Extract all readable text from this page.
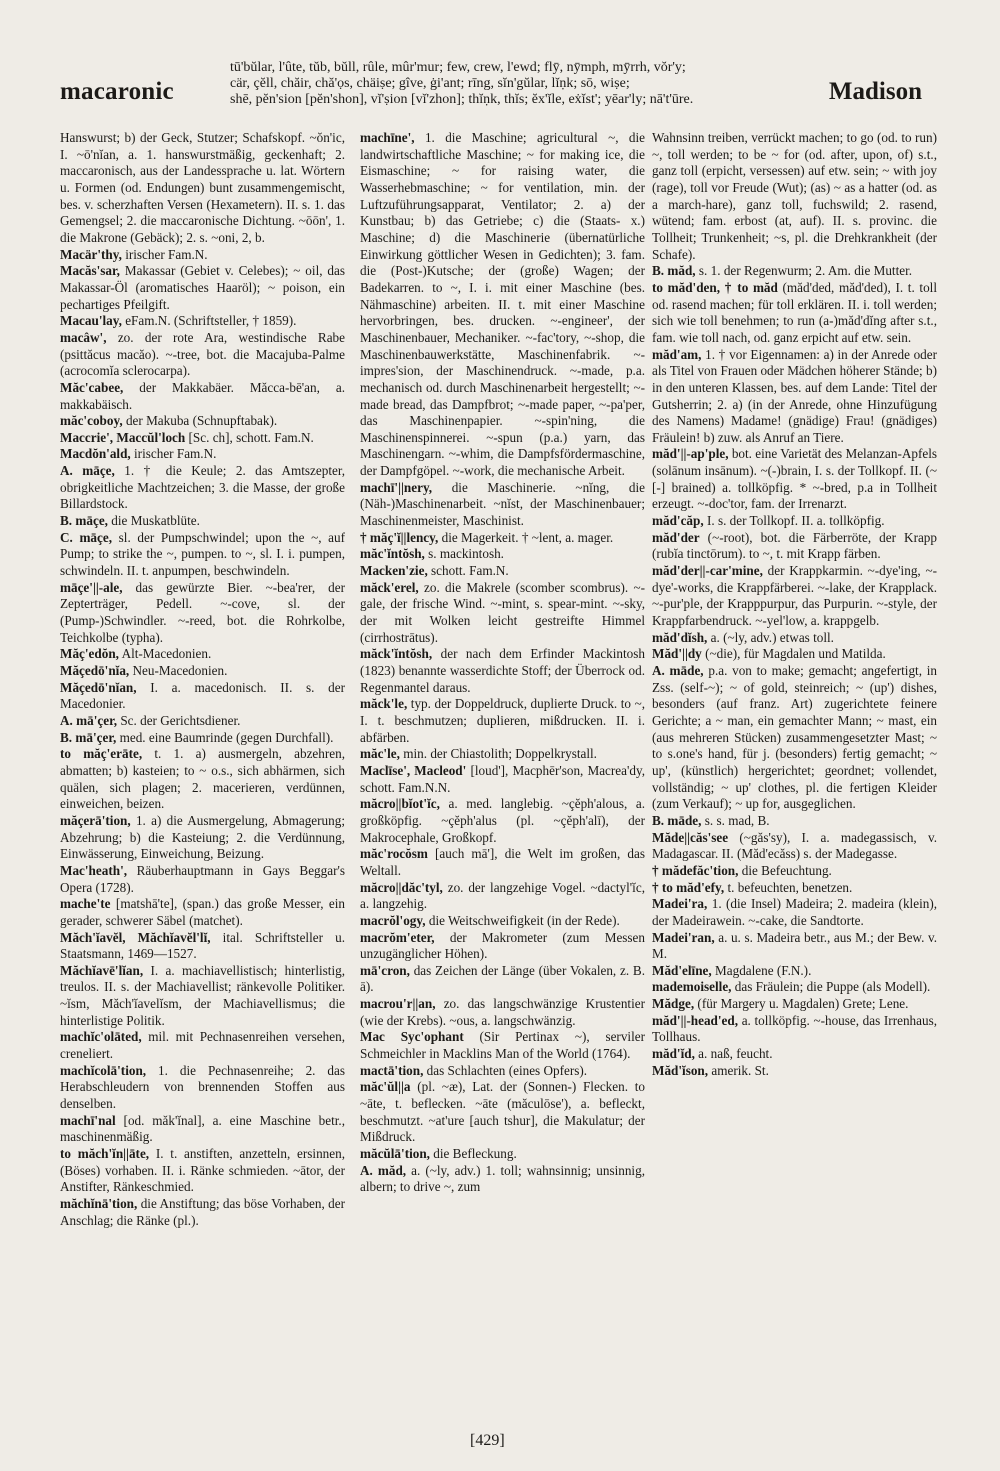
macaronic
tū'bŭlar, l'ûte, tŭb, bŭll, rûle, mûr'mur; few, crew, l'ewd; flȳ, nȳmph, mȳrrh, vŏr'y;
cär, çĕll, chăir, chă'ọs, chäiṣe; gîve, ġi'ant; rīng, sĭn'gŭlar, lĭṇk; sō, wiṣe;
shē, pĕn'sion [pĕn'shon], vĭ'ṣion [vĭ'zhon]; thĭṇk, thĭs; ĕx'ĭle, eẋĭst'; yēar'ly; nā't'ūre.	Madison

Hanswurst; b) der Geck, Stutzer; Schafskopf. ~ŏn'ic, I. ~ō'nĭan, a. 1. hanswurstmäßig, geckenhaft; 2. maccaronisch, aus der Landessprache u. lat. Wörtern u. Formen (od. Endungen) bunt zusammengemischt, bes. v. scherzhaften Versen (Hexametern). II. s. 1. das Gemengsel; 2. die maccaronische Dichtung. ~ōōn', 1. die Makrone (Gebäck); 2. s. ~oni, 2, b.

Macär'thy, irischer Fam.N.

Macăs'sar, Makassar (Gebiet v. Celebes); ~ oil, das Makassar-Öl (aromatisches Haaröl); ~ poison, ein pechartiges Pfeilgift.

Macau'lay, eFam.N. (Schriftsteller, † 1859).

macâw', zo. der rote Ara, westindische Rabe (psittăcus macăo). ~-tree, bot. die Macajuba-Palme (acrocomĭa sclerocarpa).

Măc'cabee, der Makkabäer. Măcca-bē'an, a. makkabäisch.

măc'coboy, der Makuba (Schnupftabak).

Maccrie', Maccŭl'loch [Sc. ch], schott. Fam.N.

Macdŏn'ald, irischer Fam.N.

A. māçe, 1. † die Keule; 2. das Amtszepter, obrigkeitliche Machtzeichen; 3. die Masse, der große Billardstock.

B. māçe, die Muskatblüte.

C. māçe, sl. der Pumpschwindel; upon the ~, auf Pump; to strike the ~, pumpen. to ~, sl. I. i. pumpen, schwindeln. II. t. anpumpen, beschwindeln.

māçe'||-ale, das gewürzte Bier. ~-bea'rer, der Zepterträger, Pedell. ~-cove, sl. der (Pump-)Schwindler. ~-reed, bot. die Rohrkolbe, Teichkolbe (typha).

Măç'edŏn, Alt-Macedonien.

Măçedō'nĭa, Neu-Macedonien.

Măçedō'nĭan, I. a. macedonisch. II. s. der Macedonier.

A. mā'çer, Sc. der Gerichtsdiener.

B. mā'çer, med. eine Baumrinde (gegen Durchfall).

to măç'erāte, t. 1. a) ausmergeln, abzehren, abmatten; b) kasteien; to ~ o.s., sich abhärmen, sich quälen, sich plagen; 2. macerieren, verdünnen, einweichen, beizen.

măçerā'tion, 1. a) die Ausmergelung, Abmagerung; Abzehrung; b) die Kasteiung; 2. die Verdünnung, Einwässerung, Einweichung, Beizung.

Mac'heath', Räuberhauptmann in Gays Beggar's Opera (1728).

mache'te [matshā'te], (span.) das große Messer, ein gerader, schwerer Säbel (matchet).

Măch'ĭavĕl, Măchĭavĕl'lĭ, ital. Schriftsteller u. Staatsmann, 1469—1527.

Măchĭavē'lĭan, I. a. machiavellistisch; hinterlistig, treulos. II. s. der Machiavellist; ränkevolle Politiker. ~ĭsm, Măch'ĭavelĭsm, der Machiavellismus; die hinterlistige Politik.

machĭc'olāted, mil. mit Pechnasenreihen versehen, creneliert.

machĭcolā'tion, 1. die Pechnasenreihe; 2. das Herabschleudern von brennenden Stoffen aus denselben.

machī'nal [od. măk'ĭnal], a. eine Maschine betr., maschinenmäßig.

to măch'ĭn||āte, I. t. anstiften, anzetteln, ersinnen, (Böses) vorhaben. II. i. Ränke schmieden. ~ātor, der Anstifter, Ränkeschmied.

măchĭnā'tion, die Anstiftung; das böse Vorhaben, der Anschlag; die Ränke (pl.).

machīne', 1. die Maschine; agricultural ~, die landwirtschaftliche Maschine; ~ for making ice, die Eismaschine; ~ for raising water, die Wasserhebmaschine; ~ for ventilation, min. der Luftzuführungsapparat, Ventilator; 2. a) der Kunstbau; b) das Getriebe; c) die (Staats- x.) Maschine; d) die Maschinerie (übernatürliche Einwirkung göttlicher Wesen in Gedichten); 3. fam. die (Post-)Kutsche; der (große) Wagen; der Badekarren. to ~, I. i. mit einer Maschine (bes. Nähmaschine) arbeiten. II. t. mit einer Maschine hervorbringen, bes. drucken. ~-engineer', der Maschinenbauer, Mechaniker. ~-fac'tory, ~-shop, die Maschinenbauwerkstätte, Maschinenfabrik. ~-impres'sion, der Maschinendruck. ~-made, p.a. mechanisch od. durch Maschinenarbeit hergestellt; ~-made bread, das Dampfbrot; ~-made paper, ~-pa'per, das Maschinenpapier. ~-spin'ning, die Maschinenspinnerei. ~-spun (p.a.) yarn, das Maschinengarn. ~-whim, die Dampfsfördermaschine, der Dampfgöpel. ~-work, die mechanische Arbeit.

machī'||nery, die Maschinerie. ~nĭng, die (Näh-)Maschinenarbeit. ~nĭst, der Maschinenbauer; Maschinenmeister, Maschinist.

† măç'ĭ||lency, die Magerkeit. † ~lent, a. mager.

măc'ĭntŏsh, s. mackintosh.

Macken'zie, schott. Fam.N.

măck'erel, zo. die Makrele (scomber scombrus). ~-gale, der frische Wind. ~-mint, s. spear-mint. ~-sky, der mit Wolken leicht gestreifte Himmel (cirrhostrātus).

măck'ĭntŏsh, der nach dem Erfinder Mackintosh (1823) benannte wasserdichte Stoff; der Überrock od. Regenmantel daraus.

măck'le, typ. der Doppeldruck, duplierte Druck. to ~, I. t. beschmutzen; duplieren, mißdrucken. II. i. abfärben.

măc'le, min. der Chiastolith; Doppelkrystall.

Maclīse', Macleod' [loud'], Macphēr'son, Macrea'dy, schott. Fam.N.N.

măcro||bĭot'ĭc, a. med. langlebig. ~çĕph'alous, a. großköpfig. ~çĕph'alus (pl. ~çĕph'alī), der Makrocephale, Großkopf.

măc'rocŏsm [auch mā'], die Welt im großen, das Weltall.

măcro||dăc'tyl, zo. der langzehige Vogel. ~dactyl'ĭc, a. langzehig.

macrŏl'ogy, die Weitschweifigkeit (in der Rede).

macrŏm'eter, der Makrometer (zum Messen unzugänglicher Höhen).

mā'cron, das Zeichen der Länge (über Vokalen, z. B. ā).

macrou'r||an, zo. das langschwänzige Krustentier (wie der Krebs). ~ous, a. langschwänzig.

Mac Syc'ophant (Sir Pertinax ~), serviler Schmeichler in Macklins Man of the World (1764).

mactā'tion, das Schlachten (eines Opfers).

măc'ŭl||a (pl. ~æ), Lat. der (Sonnen-) Flecken. to ~āte, t. beflecken. ~āte (măculōse'), a. befleckt, beschmutzt. ~at'ure [auch tshur], die Makulatur; der Mißdruck.

măcŭlā'tion, die Befleckung.

A. măd, a. (~ly, adv.) 1. toll; wahnsinnig; unsinnig, albern; to drive ~, zum

Wahnsinn treiben, verrückt machen; to go (od. to run) ~, toll werden; to be ~ for (od. after, upon, of) s.t., ganz toll (erpicht, versessen) auf etw. sein; ~ with joy (rage), toll vor Freude (Wut); (as) ~ as a hatter (od. as a march-hare), ganz toll, fuchswild; 2. rasend, wütend; fam. erbost (at, auf). II. s. provinc. die Tollheit; Trunkenheit; ~s, pl. die Drehkrankheit (der Schafe).

B. măd, s. 1. der Regenwurm; 2. Am. die Mutter.

to măd'den, † to măd (măd'ded, măd'ded), I. t. toll od. rasend machen; für toll erklären. II. i. toll werden; sich wie toll benehmen; to run (a-)măd'dĭng after s.t., fam. wie toll nach, od. ganz erpicht auf etw. sein.

măd'am, 1. † vor Eigennamen: a) in der Anrede oder als Titel von Frauen oder Mädchen höherer Stände; b) in den unteren Klassen, bes. auf dem Lande: Titel der Gutsherrin; 2. a) (in der Anrede, ohne Hinzufügung des Namens) Madame! (gnädige) Frau! (gnädiges) Fräulein! b) zuw. als Anruf an Tiere.

măd'||-ap'ple, bot. eine Varietät des Melanzan-Apfels (solānum insānum). ~(-)brain, I. s. der Tollkopf. II. (~[-] brained) a. tollköpfig. * ~-bred, p.a in Tollheit erzeugt. ~-doc'tor, fam. der Irrenarzt.

măd'căp, I. s. der Tollkopf. II. a. tollköpfig.

măd'der (~-root), bot. die Färberröte, der Krapp (rubĭa tinctōrum). to ~, t. mit Krapp färben.

măd'der||-car'mine, der Krappkarmin. ~-dye'ing, ~-dye'-works, die Krappfärberei. ~-lake, der Krapplack. ~-pur'ple, der Krapppurpur, das Purpurin. ~-style, der Krappfarbendruck. ~-yel'low, a. krappgelb.

măd'dĭsh, a. (~ly, adv.) etwas toll.

Măd'||dy (~die), für Magdalen und Matilda.

A. māde, p.a. von to make; gemacht; angefertigt, in Zss. (self-~); ~ of gold, steinreich; ~ (up') dishes, besonders (auf franz. Art) zugerichtete feinere Gerichte; a ~ man, ein gemachter Mann; ~ mast, ein (aus mehreren Stücken) zusammengesetzter Mast; ~ to s.one's hand, für j. (besonders) fertig gemacht; ~ up', (künstlich) hergerichtet; geordnet; vollendet, vollständig; ~ up' clothes, pl. die fertigen Kleider (zum Verkauf); ~ up for, ausgeglichen.

B. māde, s. s. mad, B.

Măde||căs'see (~găs'sy), I. a. madegassisch, v. Madagascar. II. (Măd'ecăss) s. der Madegasse.

† mădefăc'tion, die Befeuchtung.

† to măd'efy, t. befeuchten, benetzen.

Madei'ra, 1. (die Insel) Madeira; 2. madeira (klein), der Madeirawein. ~-cake, die Sandtorte.

Madei'ran, a. u. s. Madeira betr., aus M.; der Bew. v. M.

Măd'elīne, Magdalene (F.N.).

mademoiselle, das Fräulein; die Puppe (als Modell).

Mădge, (für Margery u. Magdalen) Grete; Lene.

măd'||-head'ed, a. tollköpfig. ~-house, das Irrenhaus, Tollhaus.

măd'ĭd, a. naß, feucht.

Măd'ĭson, amerik. St.

[429]
